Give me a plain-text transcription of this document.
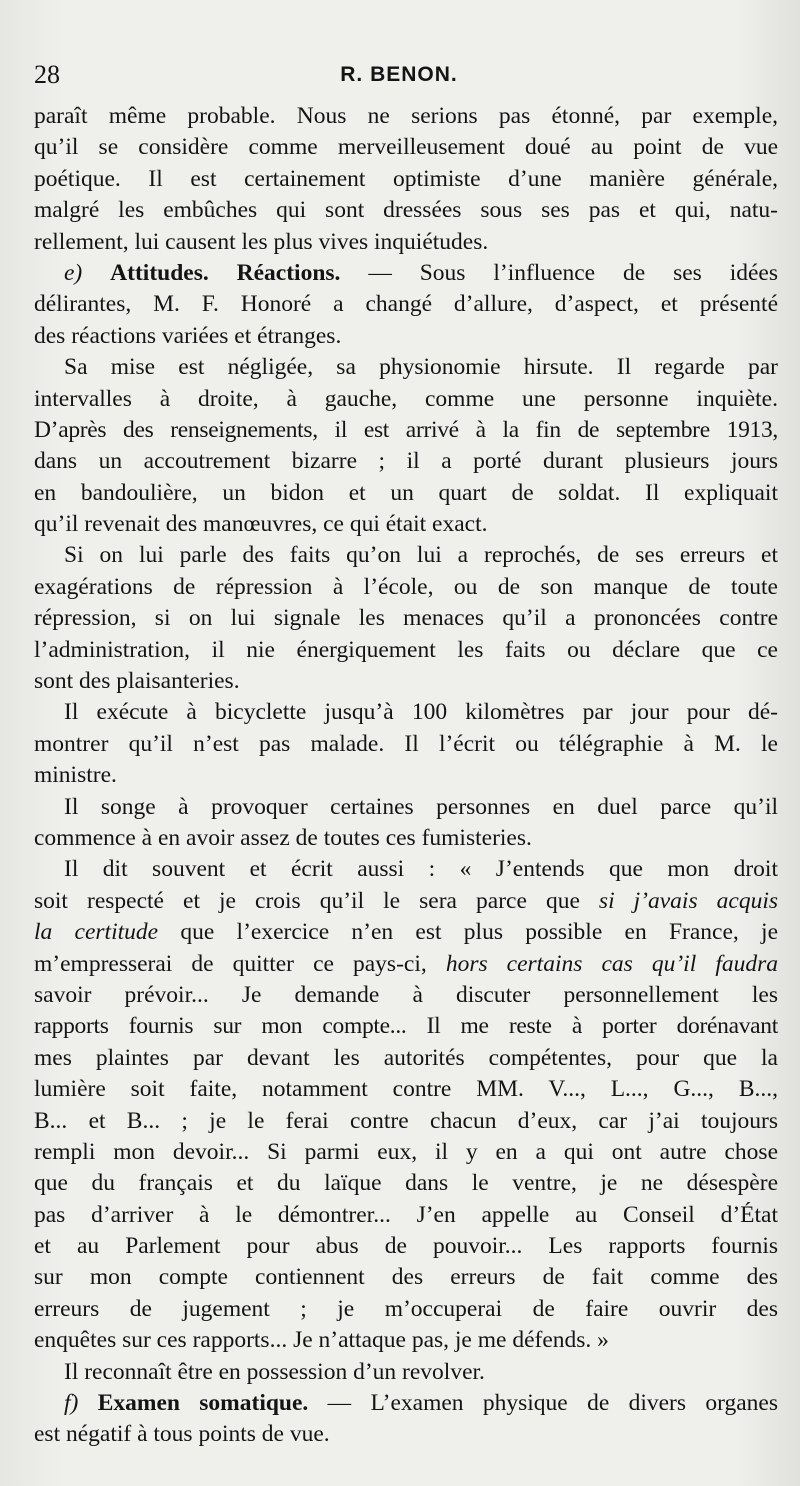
28	R. BENON.
paraît même probable. Nous ne serions pas étonné, par exemple,
qu’il se considère comme merveilleusement doué au point de vue
poétique. Il est certainement optimiste d’une manière générale,
malgré les embûches qui sont dressées sous ses pas et qui, natu-
rellement, lui causent les plus vives inquiétudes.
e) Attitudes. Réactions. — Sous l’influence de ses idées
délirantes, M. F. Honoré a changé d’allure, d’aspect, et présenté
des réactions variées et étranges.
Sa mise est négligée, sa physionomie hirsute. Il regarde par
intervalles à droite, à gauche, comme une personne inquiète.
D’après des renseignements, il est arrivé à la fin de septembre 1913,
dans un accoutrement bizarre ; il a porté durant plusieurs jours
en bandoulière, un bidon et un quart de soldat. Il expliquait
qu’il revenait des manœuvres, ce qui était exact.
Si on lui parle des faits qu’on lui a reprochés, de ses erreurs et
exagérations de répression à l’école, ou de son manque de toute
répression, si on lui signale les menaces qu’il a prononcées contre
l’administration, il nie énergiquement les faits ou déclare que ce
sont des plaisanteries.
Il exécute à bicyclette jusqu’à 100 kilomètres par jour pour dé-
montrer qu’il n’est pas malade. Il l’écrit ou télégraphie à M. le
ministre.
Il songe à provoquer certaines personnes en duel parce qu’il
commence à en avoir assez de toutes ces fumisteries.
Il dit souvent et écrit aussi : « J’entends que mon droit
soit respecté et je crois qu’il le sera parce que si j’avais acquis
la certitude que l’exercice n’en est plus possible en France, je
m’empresserai de quitter ce pays-ci, hors certains cas qu’il faudra
savoir prévoir... Je demande à discuter personnellement les
rapports fournis sur mon compte... Il me reste à porter dorénavant
mes plaintes par devant les autorités compétentes, pour que la
lumière soit faite, notamment contre MM. V..., L..., G..., B...,
B... et B... ; je le ferai contre chacun d’eux, car j’ai toujours
rempli mon devoir... Si parmi eux, il y en a qui ont autre chose
que du français et du laïque dans le ventre, je ne désespère
pas d’arriver à le démontrer... J’en appelle au Conseil d’État
et au Parlement pour abus de pouvoir... Les rapports fournis
sur mon compte contiennent des erreurs de fait comme des
erreurs de jugement ; je m’occuperai de faire ouvrir des
enquêtes sur ces rapports... Je n’attaque pas, je me défends. »
Il reconnaît être en possession d’un revolver.
f) Examen somatique. — L’examen physique de divers organes
est négatif à tous points de vue.
